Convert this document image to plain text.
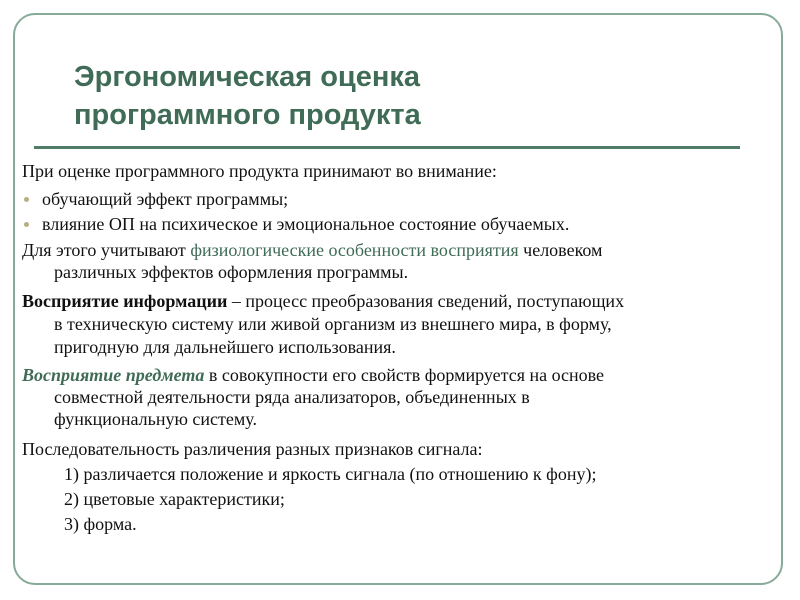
Эргономическая оценка
программного продукта
При оценке программного продукта принимают во внимание:
обучающий эффект программы;
влияние ОП на психическое и эмоциональное состояние обучаемых.
Для этого учитывают физиологические особенности восприятия человеком
различных эффектов оформления программы.
Восприятие информации – процесс преобразования сведений, поступающих
в техническую систему или живой организм из внешнего мира, в форму,
пригодную для дальнейшего использования.
Восприятие предмета в совокупности его свойств формируется на основе
совместной деятельности ряда анализаторов, объединенных в
функциональную систему.
Последовательность различения разных признаков сигнала:
1) различается положение и яркость сигнала (по отношению к фону);
2) цветовые характеристики;
3) форма.
